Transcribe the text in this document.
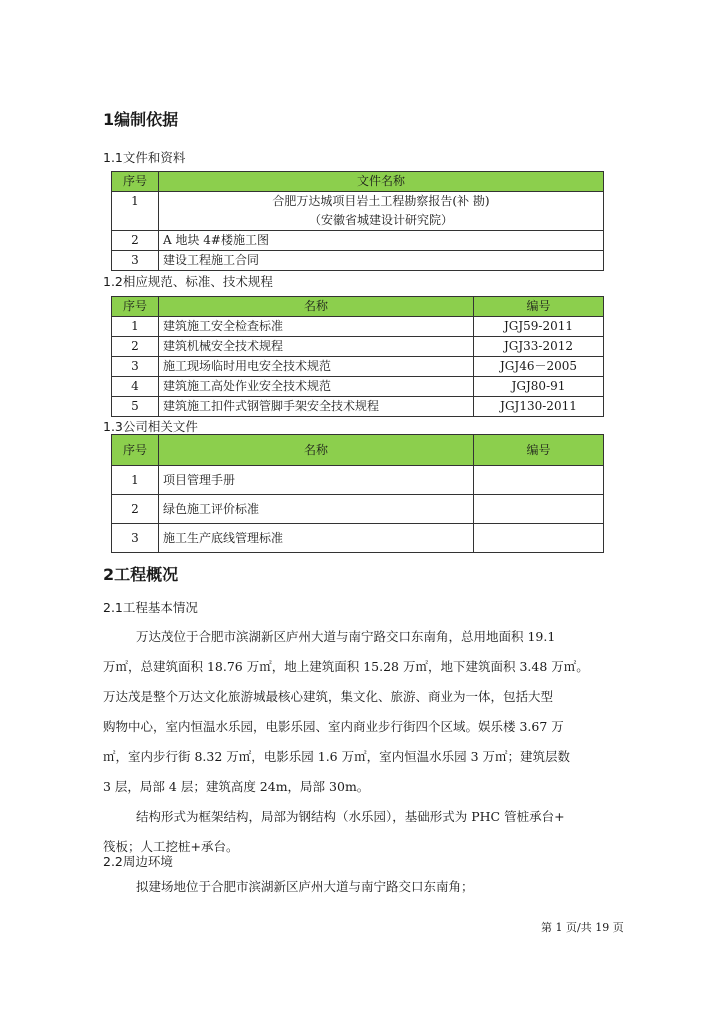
1编制依据
1.1文件和资料
序号	文件名称
1	合肥万达城项目岩土工程勘察报告(补 勘)
（安徽省城建设计研究院）

2	A 地块 4#楼施工图
3	建设工程施工合同
1.2相应规范、标准、技术规程
序号	名称	编号
1	建筑施工安全检查标准	JGJ59-2011
2	建筑机械安全技术规程	JGJ33-2012
3	施工现场临时用电安全技术规范	JGJ46－2005
4	建筑施工高处作业安全技术规范	JGJ80-91
5	建筑施工扣件式钢管脚手架安全技术规程	JGJ130-2011
1.3公司相关文件
序号	名称	编号
1	项目管理手册	
2	绿色施工评价标准	
3	施工生产底线管理标准	
2工程概况
2.1工程基本情况

万达茂位于合肥市滨湖新区庐州大道与南宁路交口东南角，总用地面积 19.1
万㎡，总建筑面积 18.76 万㎡，地上建筑面积 15.28 万㎡，地下建筑面积 3.48 万㎡。
万达茂是整个万达文化旅游城最核心建筑，集文化、旅游、商业为一体，包括大型
购物中心，室内恒温水乐园，电影乐园、室内商业步行街四个区域。娱乐楼 3.67 万
㎡，室内步行街 8.32 万㎡，电影乐园 1.6 万㎡，室内恒温水乐园 3 万㎡；建筑层数
3 层，局部 4 层；建筑高度 24m，局部 30m。

结构形式为框架结构，局部为钢结构（水乐园），基础形式为 PHC 管桩承台+
筏板；人工挖桩+承台。

2.2周边环境

拟建场地位于合肥市滨湖新区庐州大道与南宁路交口东南角；

第 1 页/共 19 页
